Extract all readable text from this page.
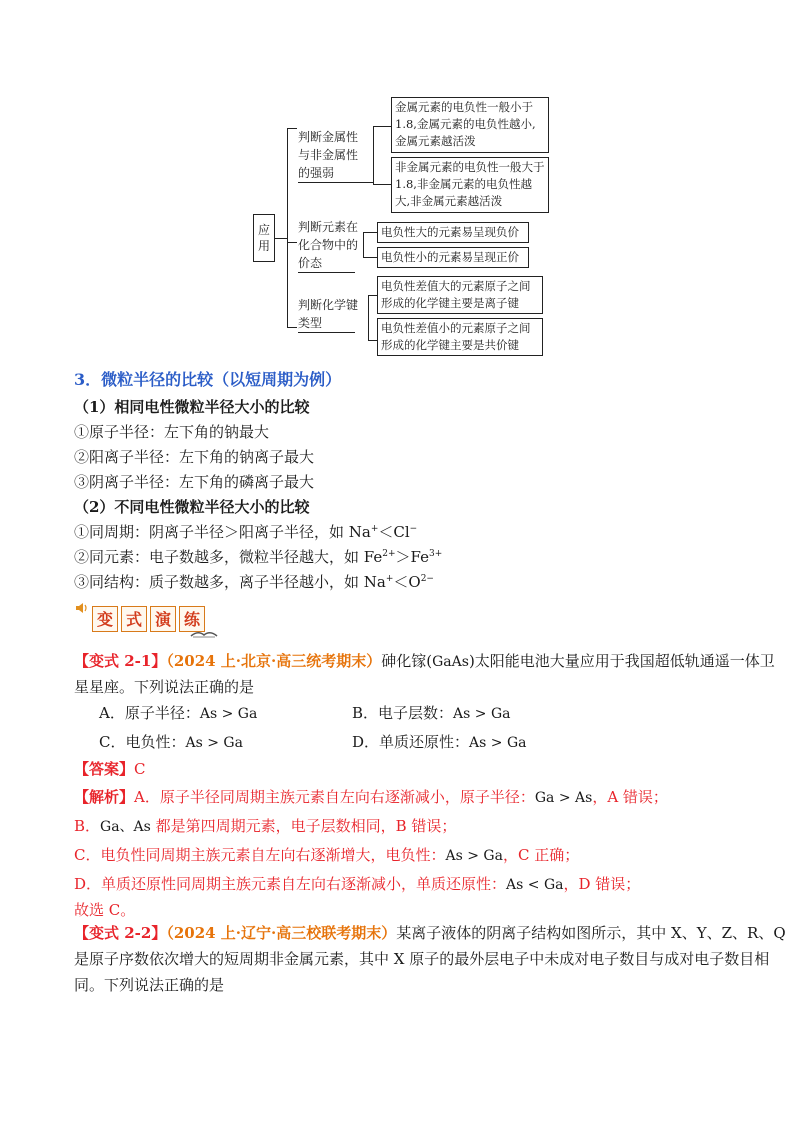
应用
判断金属性与非金属性的强弱
金属元素的电负性一般小于1.8,金属元素的电负性越小,金属元素越活泼
非金属元素的电负性一般大于1.8,非金属元素的电负性越大,非金属元素越活泼
判断元素在化合物中的价态
电负性大的元素易呈现负价
电负性小的元素易呈现正价
判断化学键类型
电负性差值大的元素原子之间形成的化学键主要是离子键
电负性差值小的元素原子之间形成的化学键主要是共价键
3．微粒半径的比较（以短周期为例）
（1）相同电性微粒半径大小的比较
①原子半径：左下角的钠最大
②阳离子半径：左下角的钠离子最大
③阴离子半径：左下角的磷离子最大
（2）不同电性微粒半径大小的比较
①同周期：阴离子半径＞阳离子半径，如 Na+＜Cl−
②同元素：电子数越多，微粒半径越大，如 $Fe^{2+}>Fe^{3+}$
③同结构：质子数越多，离子半径越小，如 $Na^+<O^{2-}$
变 式 演 练
【变式 2-1】（2024 上·北京·高三统考期末）砷化镓(GaAs)太阳能电池大量应用于我国超低轨通遥一体卫
星星座。下列说法正确的是
A．原子半径：As > Ga	B．电子层数：As > Ga
C．电负性：As > Ga	D．单质还原性：As > Ga
【答案】C
【解析】A．原子半径同周期主族元素自左向右逐渐减小，原子半径：Ga > As，A 错误；
B．Ga、As 都是第四周期元素，电子层数相同，B 错误；
C．电负性同周期主族元素自左向右逐渐增大，电负性：As > Ga，C 正确；
D．单质还原性同周期主族元素自左向右逐渐减小，单质还原性：As < Ga，D 错误；
故选 C。
【变式 2-2】（2024 上·辽宁·高三校联考期末）某离子液体的阴离子结构如图所示，其中 X、Y、Z、R、Q
是原子序数依次增大的短周期非金属元素，其中 X 原子的最外层电子中未成对电子数目与成对电子数目相
同。下列说法正确的是
